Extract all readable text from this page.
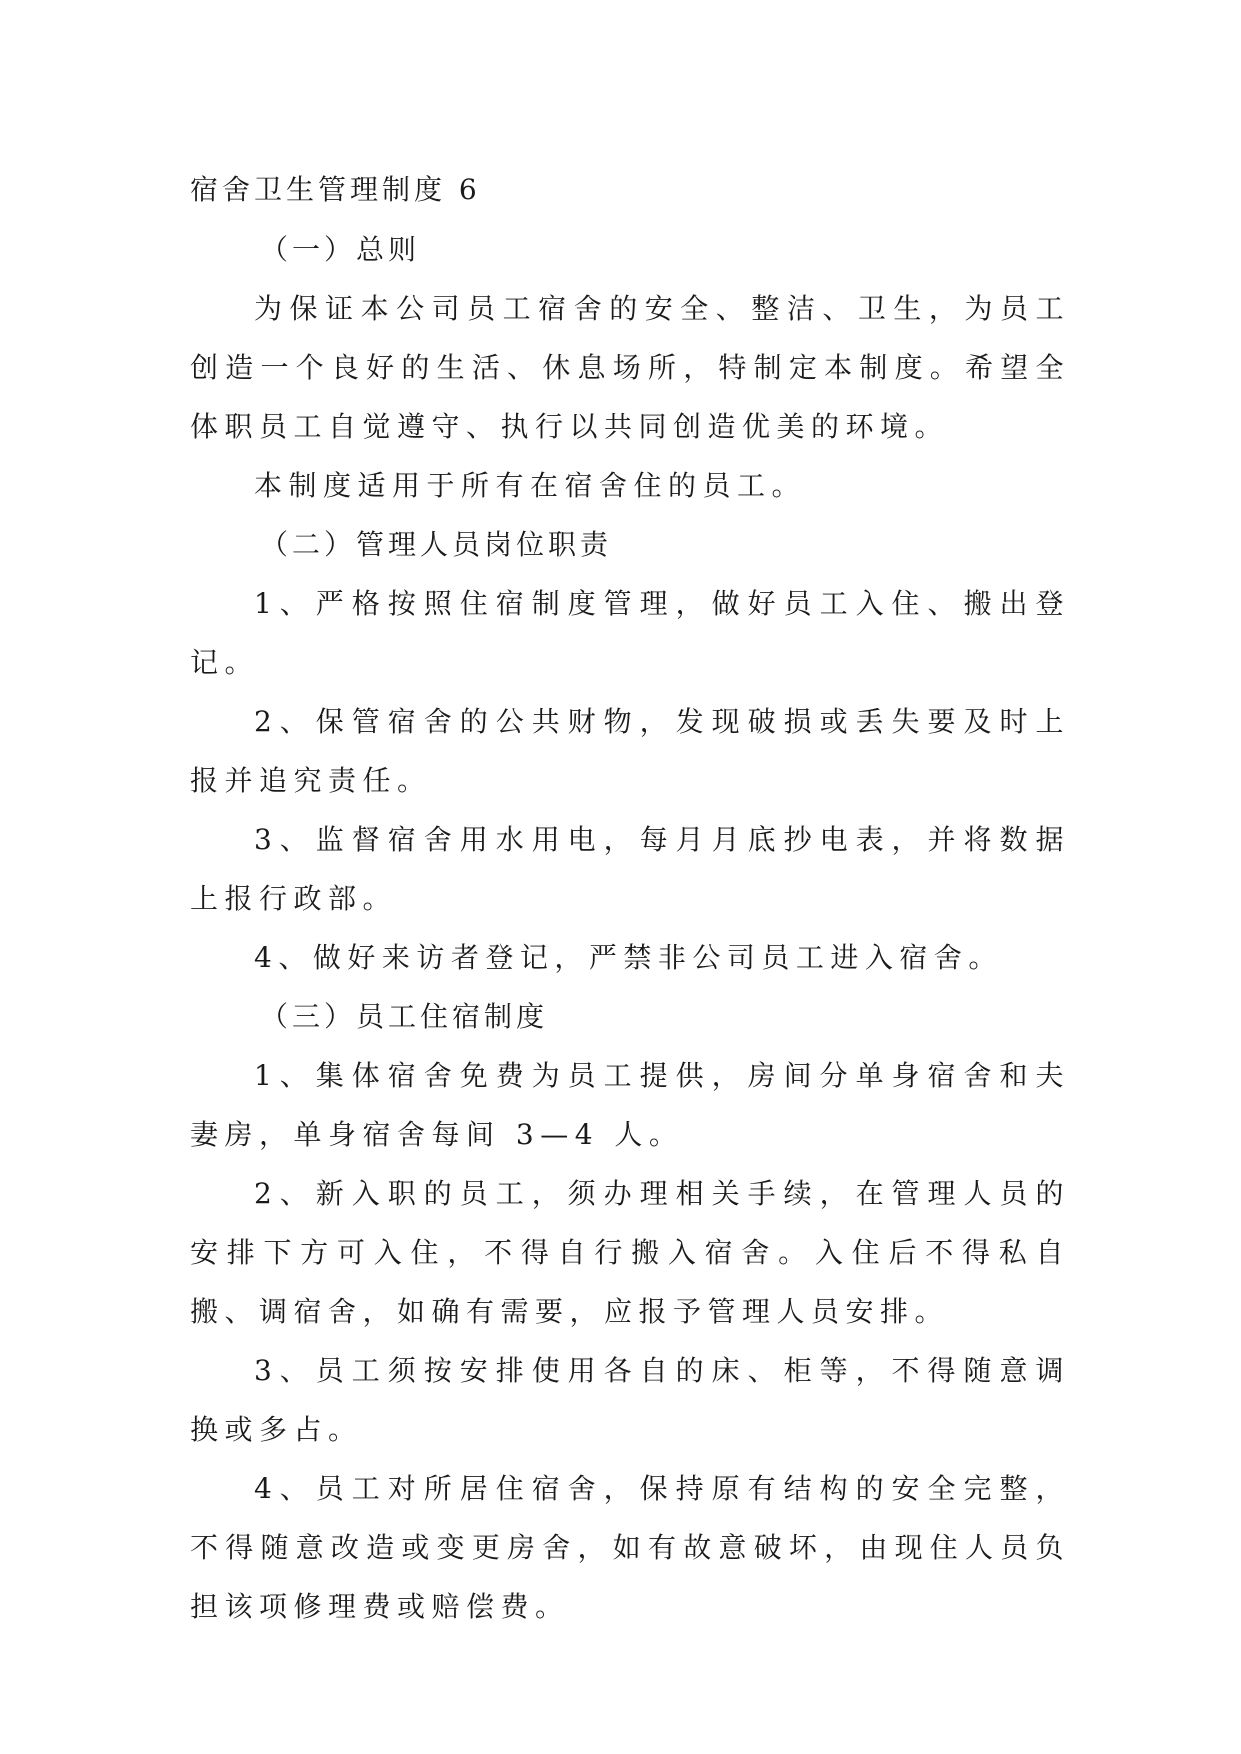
宿舍卫生管理制度 6

（一）总则

为保证本公司员工宿舍的安全、整洁、卫生，为员工创造一个良好的生活、休息场所，特制定本制度。希望全体职员工自觉遵守、执行以共同创造优美的环境。

本制度适用于所有在宿舍住的员工。

（二）管理人员岗位职责

1、严格按照住宿制度管理，做好员工入住、搬出登记。

2、保管宿舍的公共财物，发现破损或丢失要及时上报并追究责任。

3、监督宿舍用水用电，每月月底抄电表，并将数据上报行政部。

4、做好来访者登记，严禁非公司员工进入宿舍。

（三）员工住宿制度

1、集体宿舍免费为员工提供，房间分单身宿舍和夫妻房，单身宿舍每间 3—4 人。

2、新入职的员工，须办理相关手续，在管理人员的安排下方可入住，不得自行搬入宿舍。入住后不得私自搬、调宿舍，如确有需要，应报予管理人员安排。

3、员工须按安排使用各自的床、柜等，不得随意调换或多占。

4、员工对所居住宿舍，保持原有结构的安全完整，不得随意改造或变更房舍，如有故意破坏，由现住人员负担该项修理费或赔偿费。
